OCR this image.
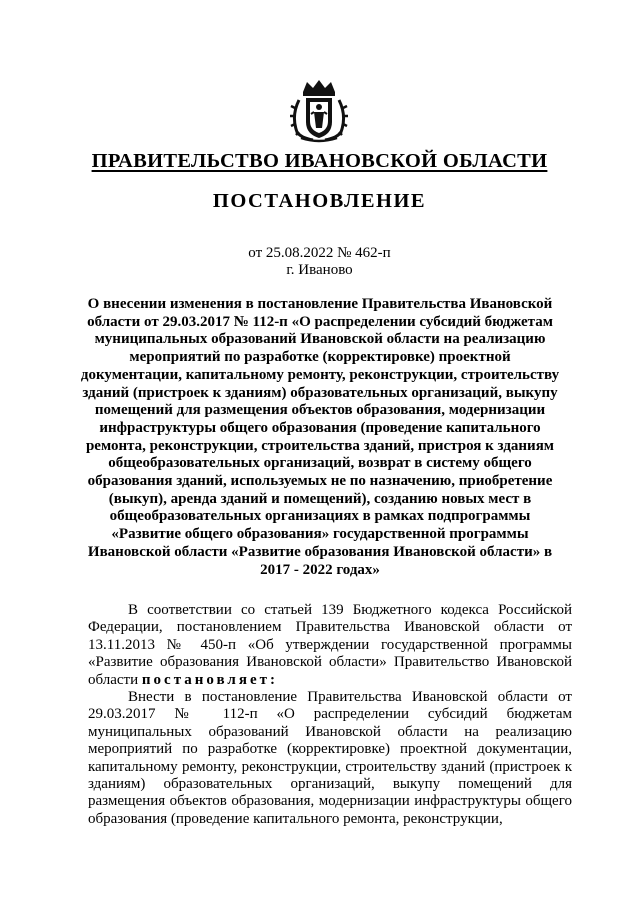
ПРАВИТЕЛЬСТВО ИВАНОВСКОЙ ОБЛАСТИ
ПОСТАНОВЛЕНИЕ
от 25.08.2022 № 462-п
г. Иваново
О внесении изменения в постановление Правительства Ивановской области от 29.03.2017 № 112-п «О распределении субсидий бюджетам муниципальных образований Ивановской области на реализацию мероприятий по разработке (корректировке) проектной документации, капитальному ремонту, реконструкции, строительству зданий (пристроек к зданиям) образовательных организаций, выкупу помещений для размещения объектов образования, модернизации инфраструктуры общего образования (проведение капитального ремонта, реконструкции, строительства зданий, пристроя к зданиям общеобразовательных организаций, возврат в систему общего образования зданий, используемых не по назначению, приобретение (выкуп), аренда зданий и помещений), созданию новых мест в общеобразовательных организациях в рамках подпрограммы «Развитие общего образования» государственной программы Ивановской области «Развитие образования Ивановской области» в 2017 - 2022 годах»

В соответствии со статьей 139 Бюджетного кодекса Российской Федерации, постановлением Правительства Ивановской области от 13.11.2013 № 450-п «Об утверждении государственной программы «Развитие образования Ивановской области» Правительство Ивановской области постановляет:

Внести в постановление Правительства Ивановской области от 29.03.2017 № 112-п «О распределении субсидий бюджетам муниципальных образований Ивановской области на реализацию мероприятий по разработке (корректировке) проектной документации, капитальному ремонту, реконструкции, строительству зданий (пристроек к зданиям) образовательных организаций, выкупу помещений для размещения объектов образования, модернизации инфраструктуры общего образования (проведение капитального ремонта, реконструкции,
